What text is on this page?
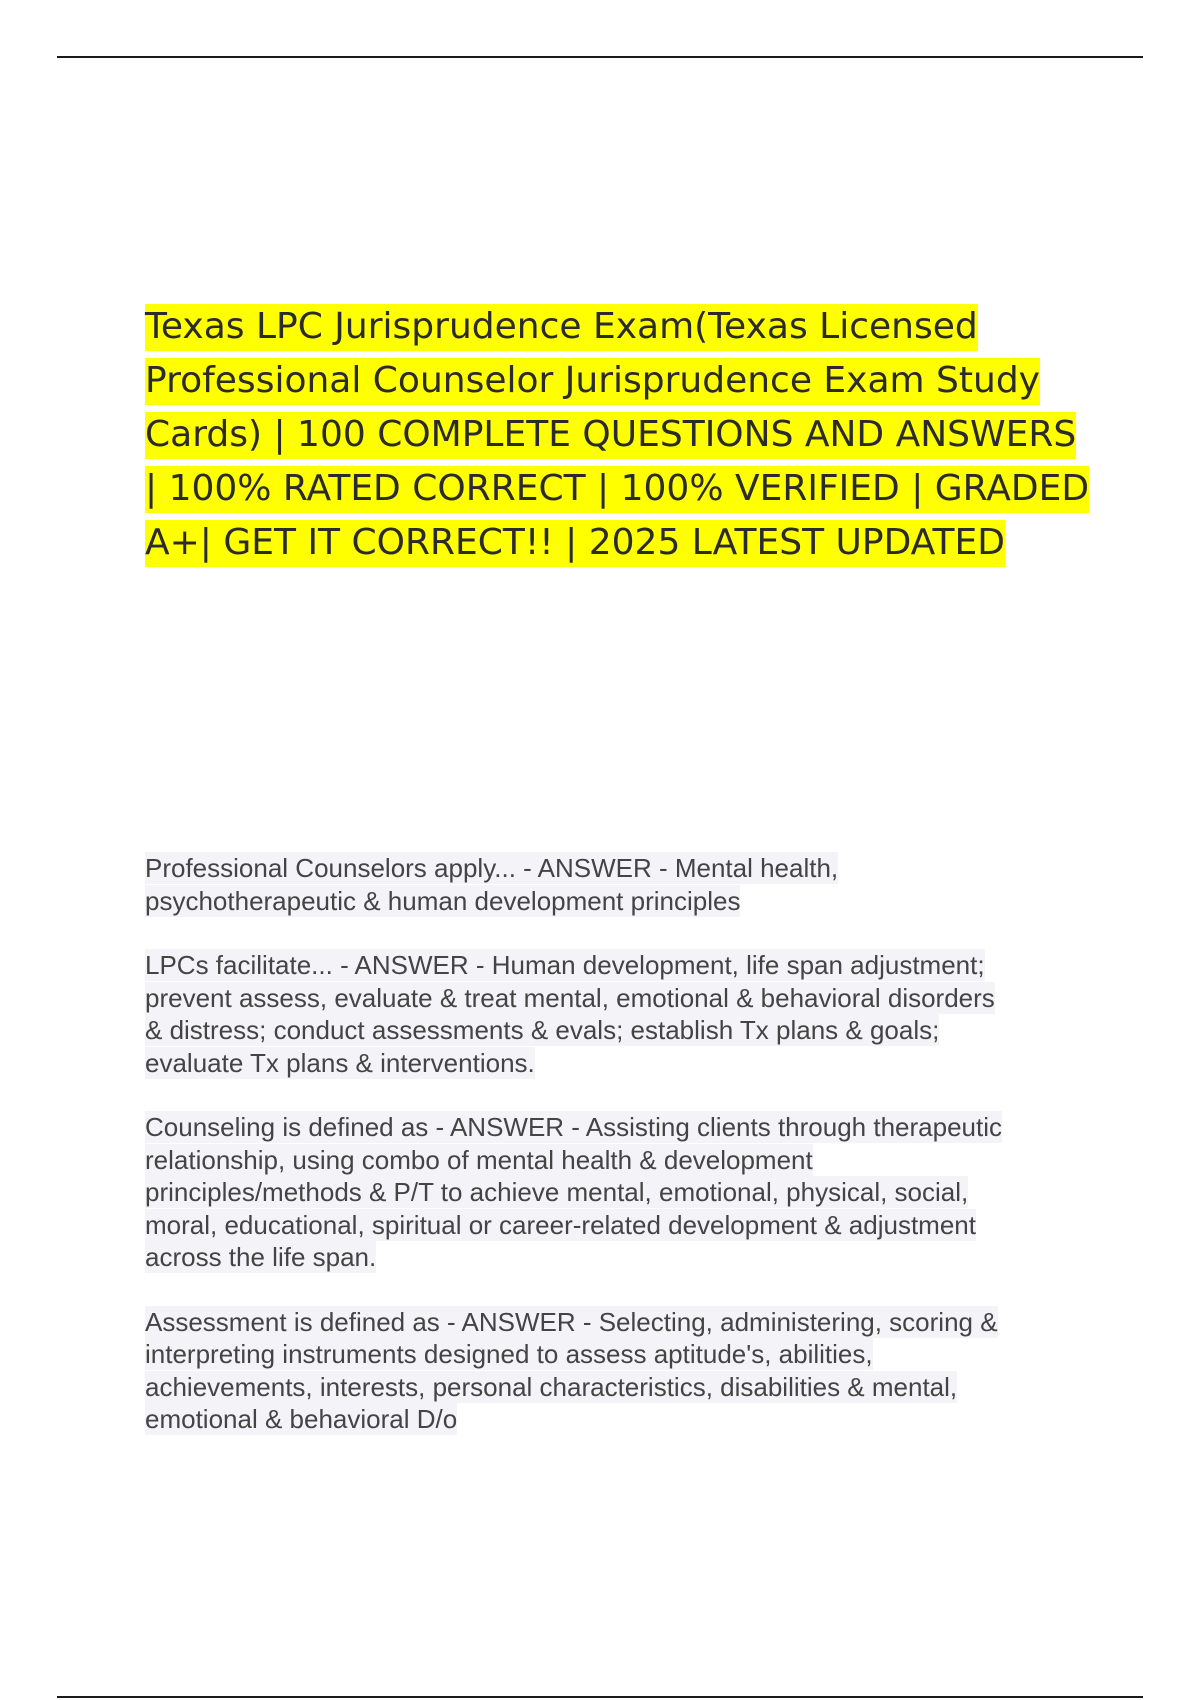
Texas LPC Jurisprudence Exam(Texas Licensed
Professional Counselor Jurisprudence Exam Study
Cards) | 100 COMPLETE QUESTIONS AND ANSWERS
| 100% RATED CORRECT | 100% VERIFIED | GRADED
A+| GET IT CORRECT!! | 2025 LATEST UPDATED
Professional Counselors apply... - ANSWER - Mental health,
psychotherapeutic & human development principles
LPCs facilitate... - ANSWER - Human development, life span adjustment;
prevent assess, evaluate & treat mental, emotional & behavioral disorders
& distress; conduct assessments & evals; establish Tx plans & goals;
evaluate Tx plans & interventions.
Counseling is defined as - ANSWER - Assisting clients through therapeutic
relationship, using combo of mental health & development
principles/methods & P/T to achieve mental, emotional, physical, social,
moral, educational, spiritual or career-related development & adjustment
across the life span.
Assessment is defined as - ANSWER - Selecting, administering, scoring &
interpreting instruments designed to assess aptitude's, abilities,
achievements, interests, personal characteristics, disabilities & mental,
emotional & behavioral D/o
